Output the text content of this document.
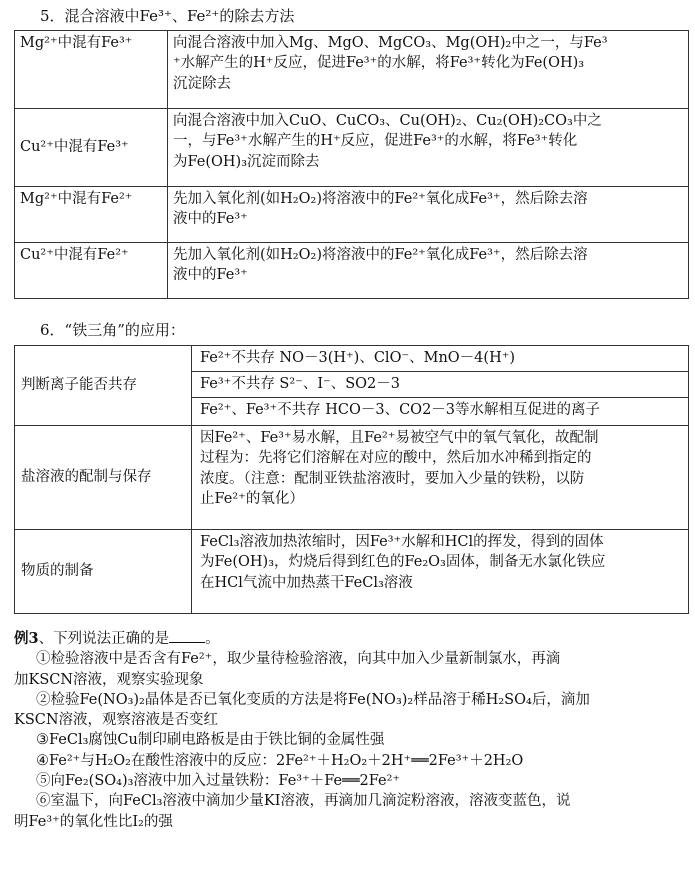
5．混合溶液中Fe³⁺、Fe²⁺的除去方法
Mg²⁺中混有Fe³⁺	向混合溶液中加入Mg、MgO、MgCO₃、Mg(OH)₂中之一，与Fe³
⁺水解产生的H⁺反应，促进Fe³⁺的水解，将Fe³⁺转化为Fe(OH)₃
沉淀除去

Cu²⁺中混有Fe³⁺	向混合溶液中加入CuO、CuCO₃、Cu(OH)₂、Cu₂(OH)₂CO₃中之
一，与Fe³⁺水解产生的H⁺反应，促进Fe³⁺的水解，将Fe³⁺转化
为Fe(OH)₃沉淀而除去

Mg²⁺中混有Fe²⁺	先加入氧化剂(如H₂O₂)将溶液中的Fe²⁺氧化成Fe³⁺，然后除去溶
液中的Fe³⁺

Cu²⁺中混有Fe²⁺	先加入氧化剂(如H₂O₂)将溶液中的Fe²⁺氧化成Fe³⁺，然后除去溶
液中的Fe³⁺
6．“铁三角”的应用：
判断离子能否共存	Fe²⁺不共存 NO－3(H⁺)、ClO⁻、MnO－4(H⁺)
	Fe³⁺不共存 S²⁻、I⁻、SO2－3
	Fe²⁺、Fe³⁺不共存 HCO－3、CO2－3等水解相互促进的离子
盐溶液的配制与保存	因Fe²⁺、Fe³⁺易水解，且Fe²⁺易被空气中的氧气氧化，故配制
过程为：先将它们溶解在对应的酸中，然后加水冲稀到指定的
浓度。（注意：配制亚铁盐溶液时，要加入少量的铁粉，以防
止Fe²⁺的氧化）

物质的制备	FeCl₃溶液加热浓缩时，因Fe³⁺水解和HCl的挥发，得到的固体
为Fe(OH)₃，灼烧后得到红色的Fe₂O₃固体，制备无水氯化铁应
在HCl气流中加热蒸干FeCl₃溶液

例3、下列说法正确的是 。

①检验溶液中是否含有Fe²⁺，取少量待检验溶液，向其中加入少量新制氯水，再滴

加KSCN溶液，观察实验现象

②检验Fe(NO₃)₂晶体是否已氧化变质的方法是将Fe(NO₃)₂样品溶于稀H₂SO₄后，滴加

KSCN溶液，观察溶液是否变红

③FeCl₃腐蚀Cu制印刷电路板是由于铁比铜的金属性强

④Fe²⁺与H₂O₂在酸性溶液中的反应：2Fe²⁺＋H₂O₂＋2H⁺══2Fe³⁺＋2H₂O

⑤向Fe₂(SO₄)₃溶液中加入过量铁粉：Fe³⁺＋Fe══2Fe²⁺

⑥室温下，向FeCl₃溶液中滴加少量KI溶液，再滴加几滴淀粉溶液，溶液变蓝色，说

明Fe³⁺的氧化性比I₂的强
